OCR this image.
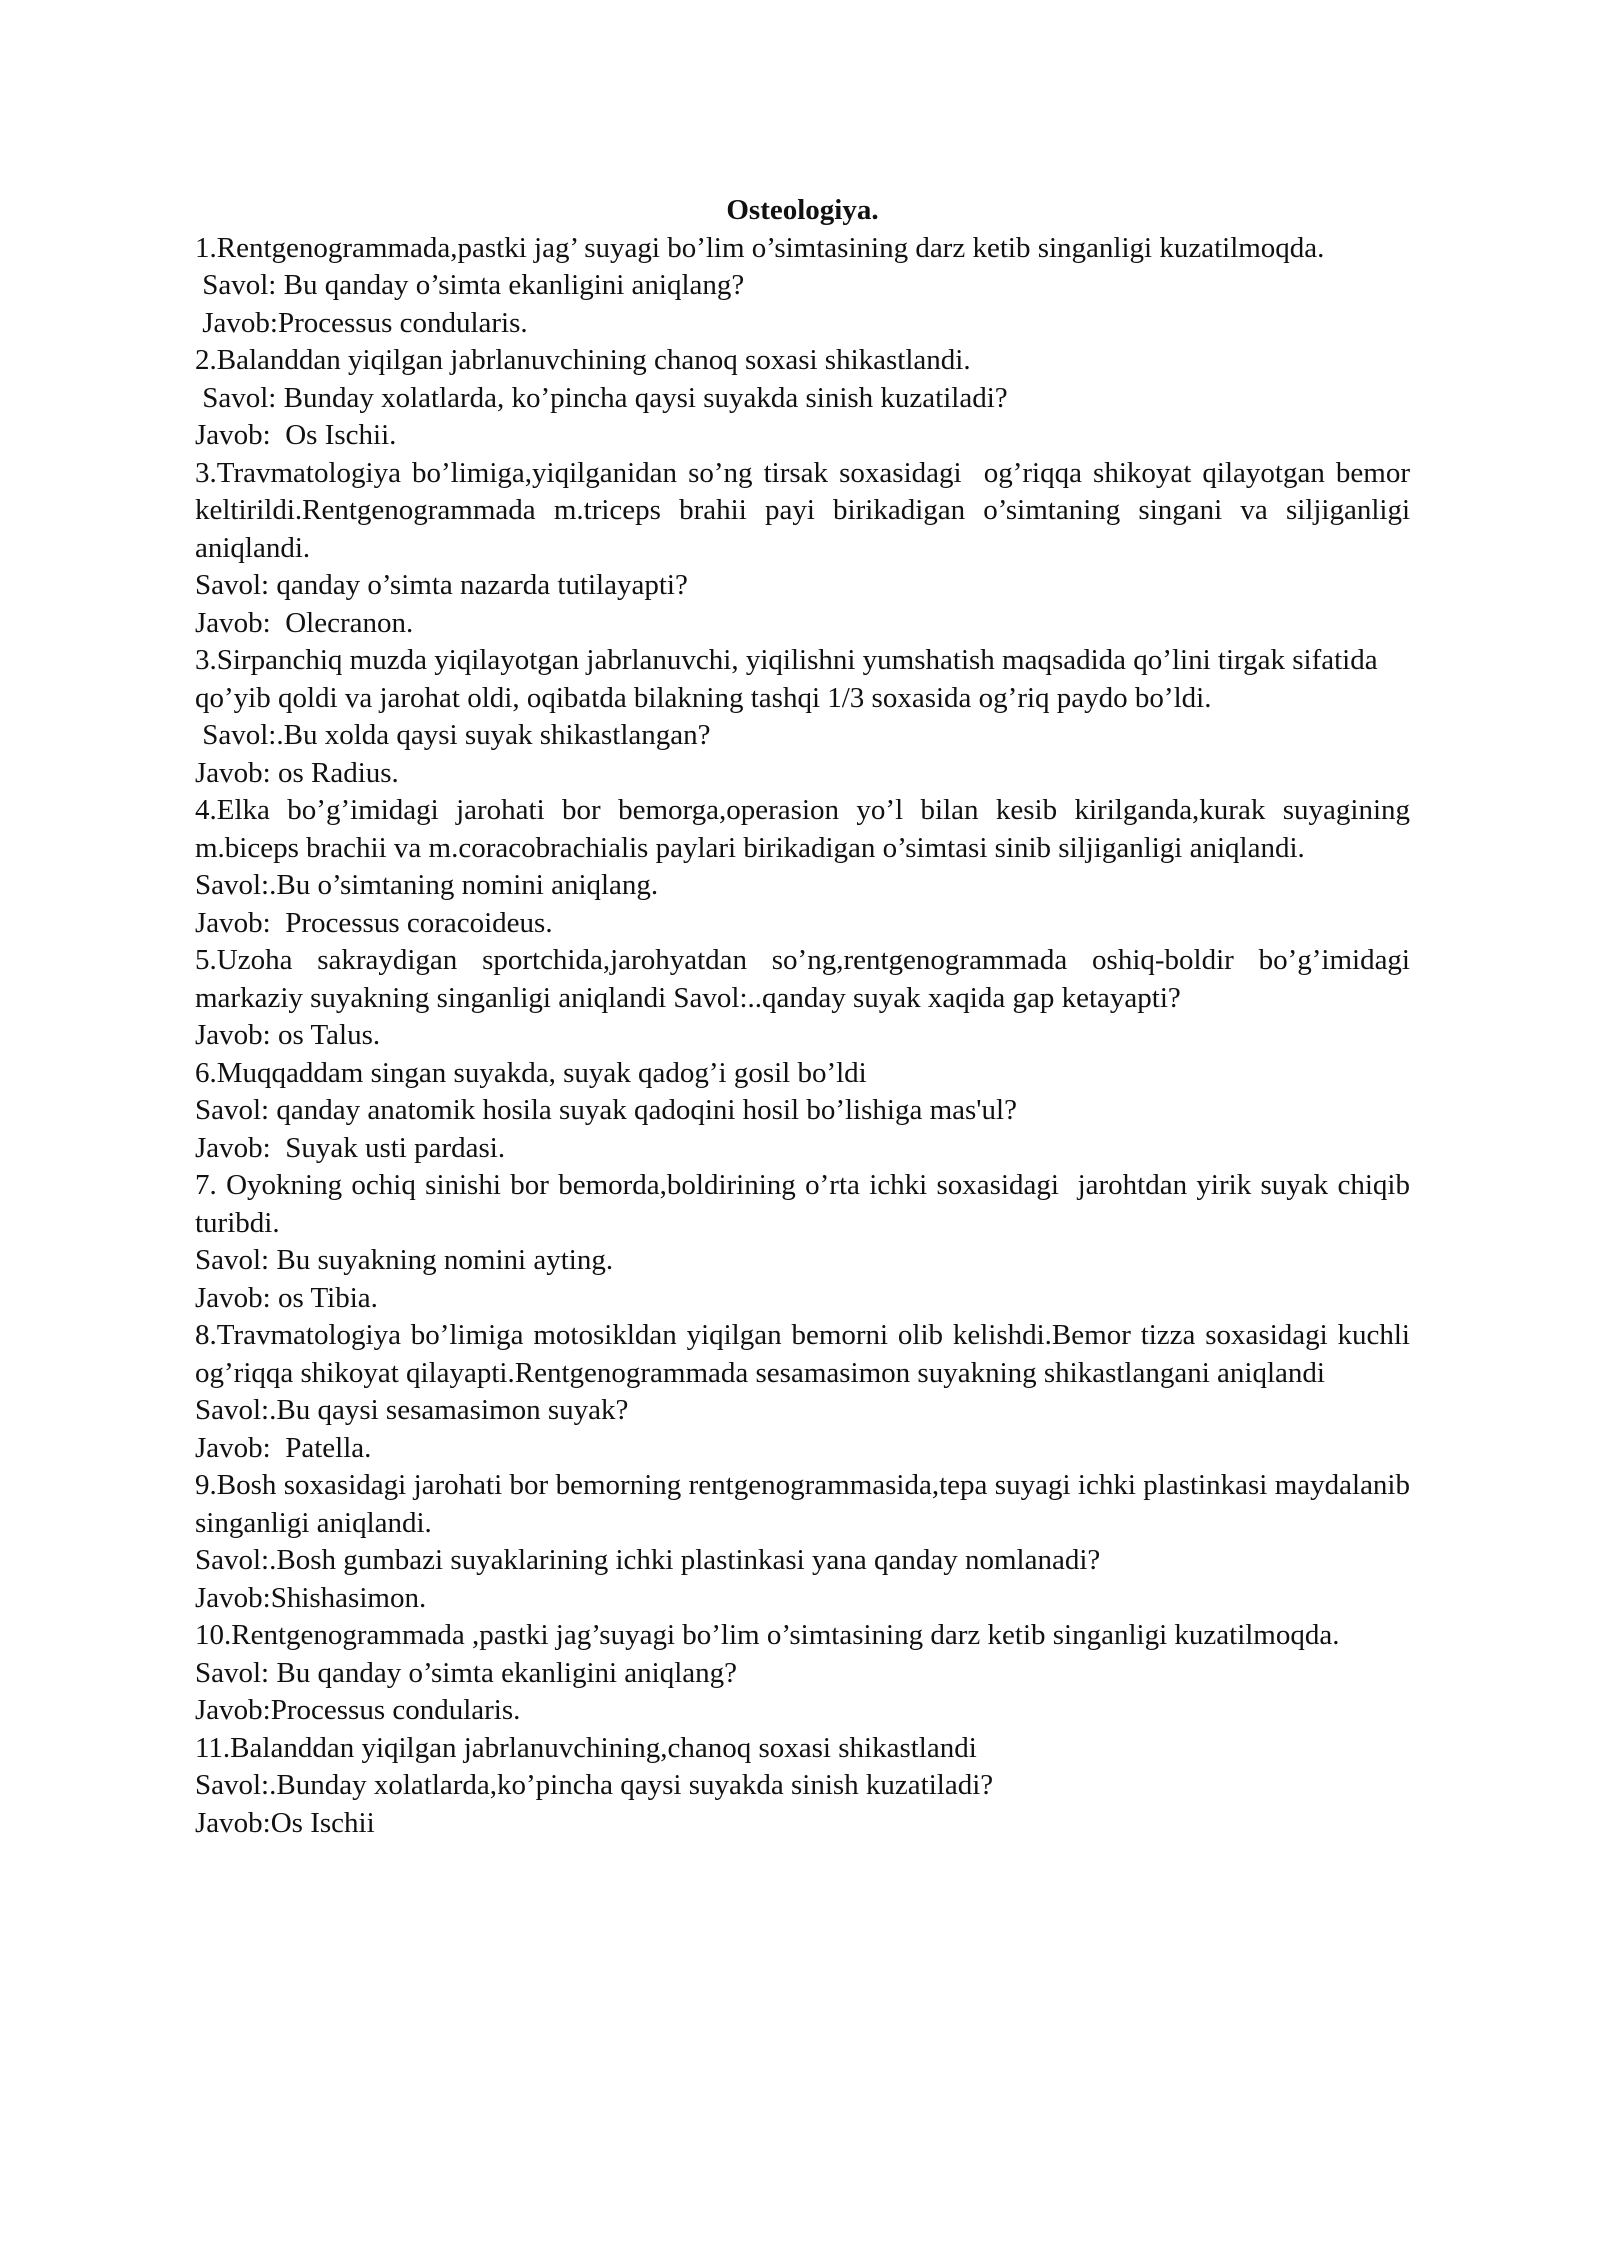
Osteologiya.

1.Rentgenogrammada,pastki jag’ suyagi bo’lim o’simtasining darz ketib singanligi kuzatilmoqda.

Savol: Bu qanday o’simta ekanligini aniqlang?

Javob:Processus condularis.

2.Balanddan yiqilgan jabrlanuvchining chanoq soxasi shikastlandi.

Savol: Bunday xolatlarda, ko’pincha qaysi suyakda sinish kuzatiladi?

Javob:  Os Ischii.

3.Travmatologiya bo’limiga,yiqilganidan so’ng tirsak soxasidagi  og’riqqa shikoyat qilayotgan bemor keltirildi.Rentgenogrammada m.triceps brahii payi birikadigan o’simtaning singani va siljiganligi aniqlandi.

Savol: qanday o’simta nazarda tutilayapti?

Javob:  Olecranon.

3.Sirpanchiq muzda yiqilayotgan jabrlanuvchi, yiqilishni yumshatish maqsadida qo’lini tirgak sifatida

qo’yib qoldi va jarohat oldi, oqibatda bilakning tashqi 1/3 soxasida og’riq paydo bo’ldi.

Savol:.Bu xolda qaysi suyak shikastlangan?

Javob: os Radius.

4.Elka bo’g’imidagi jarohati bor bemorga,operasion yo’l bilan kesib kirilganda,kurak suyagining m.biceps brachii va m.coracobrachialis paylari birikadigan o’simtasi sinib siljiganligi aniqlandi.

Savol:.Bu o’simtaning nomini aniqlang.

Javob:  Processus coracoideus.

5.Uzoha sakraydigan sportchida,jarohyatdan so’ng,rentgenogrammada oshiq-boldir bo’g’imidagi markaziy suyakning singanligi aniqlandi Savol:..qanday suyak xaqida gap ketayapti?

Javob: os Talus.

6.Muqqaddam singan suyakda, suyak qadog’i gosil bo’ldi

Savol: qanday anatomik hosila suyak qadoqini hosil bo’lishiga mas'ul?

Javob:  Suyak usti pardasi.

7. Oyokning ochiq sinishi bor bemorda,boldirining o’rta ichki soxasidagi  jarohtdan yirik suyak chiqib turibdi.

Savol: Bu suyakning nomini ayting.

Javob: os Tibia.

8.Travmatologiya bo’limiga motosikldan yiqilgan bemorni olib kelishdi.Bemor tizza soxasidagi kuchli og’riqqa shikoyat qilayapti.Rentgenogrammada sesamasimon suyakning shikastlangani aniqlandi

Savol:.Bu qaysi sesamasimon suyak?

Javob:  Patella.

9.Bosh soxasidagi jarohati bor bemorning rentgenogrammasida,tepa suyagi ichki plastinkasi maydalanib singanligi aniqlandi.

Savol:.Bosh gumbazi suyaklarining ichki plastinkasi yana qanday nomlanadi?

Javob:Shishasimon.

10.Rentgenogrammada ,pastki jag’suyagi bo’lim o’simtasining darz ketib singanligi kuzatilmoqda.

Savol: Bu qanday o’simta ekanligini aniqlang?

Javob:Processus condularis.

11.Balanddan yiqilgan jabrlanuvchining,chanoq soxasi shikastlandi

Savol:.Bunday xolatlarda,ko’pincha qaysi suyakda sinish kuzatiladi?

Javob:Os Ischii
